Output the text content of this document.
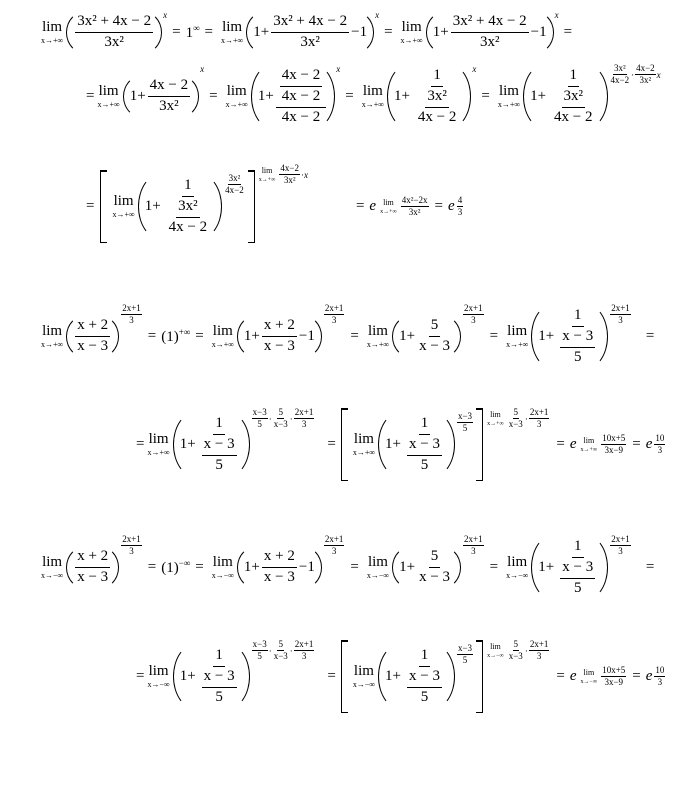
lim
$x\to+\infty \frac{\text{3x² + 4x − 2}}{\text{3x²}}$ x
= 1∞ = lim
x→+∞
$1 + \frac{\text{3x² + 4x − 2}}{\text{3x²}} - 1$
x
= lim
x→+∞
$1 + \frac{\text{3x² + 4x − 2}}{\text{3x²}} - 1$
x
=
= lim
x→+∞
$1 + \frac{4x - 2}{\text{3x²}}$
x
= lim
x→+∞
$1 + \frac{\frac{4x - 2}{4x - 2}}{4x - 2}$ x
= lim
x→+∞
$1 + \frac{1}{\frac{\text{3x²}}{4x - 2}}$ x
= lim
x→+∞
$1 + \frac{1}{\frac{\text{3x²}}{4x - 2}} \frac{\text{3x²}}{4x-2} \cdot \frac{4x-2}{\text{3x²}}$ x
= lim
x→+∞
$1 + \frac{1}{\frac{\text{3x²}}{4x - 2}} \frac{\text{3x²}}{4x-2}$
lim
$x\to+\infty \frac{4x-2}{\text{3x²}} \cdot x$
= e lim
$x\to+\infty \frac{\text{4x²−2x}}{\text{3x²}} = e \frac{4}{3}$
lim
$x\to+\infty \frac{x + 2}{x - 3}$
$\frac{2x+1}{3}$
= (1)+∞ = lim
x→+∞
$1 + \frac{x + 2}{x - 3} - 1$
$\frac{2x+1}{3}$
= lim
x→+∞
$1 + \frac{5}{x - 3}$
$\frac{2x+1}{3}$
= lim
x→+∞
$1 + \frac{1}{\frac{x - 3}{5}} \frac{2x+1}{3}$
=
= lim
x→+∞
$1 + \frac{1}{\frac{x - 3}{5}} \frac{x-3}{5} \cdot \frac{5}{x-3} \cdot \frac{2x+1}{3}$
= lim
x→+∞
$1 + \frac{1}{\frac{x - 3}{5}} \frac{x-3}{5}$ lim
$x\to+\infty \frac{5}{x-3} \cdot \frac{2x+1}{3}$
= e lim
$x\to+\infty \frac{10x+5}{3x-9} = e \frac{10}{3}$
lim
$x\to-\infty \frac{x + 2}{x - 3}$
$\frac{2x+1}{3}$
= (1)−∞ = lim
x→−∞
$1 + \frac{x + 2}{x - 3} - 1$
$\frac{2x+1}{3}$
= lim
x→−∞
$1 + \frac{5}{x - 3}$
$\frac{2x+1}{3}$
= lim
x→−∞
$1 + \frac{1}{\frac{x - 3}{5}} \frac{2x+1}{3}$
=
= lim
x→−∞
$1 + \frac{1}{\frac{x - 3}{5}} \frac{x-3}{5} \cdot \frac{5}{x-3} \cdot \frac{2x+1}{3}$
= lim
x→−∞
$1 + \frac{1}{\frac{x - 3}{5}} \frac{x-3}{5}$ lim
$x\to-\infty \frac{5}{x-3} \cdot \frac{2x+1}{3}$
= e lim
$x\to-\infty \frac{10x+5}{3x-9} = e \frac{10}{3}$
